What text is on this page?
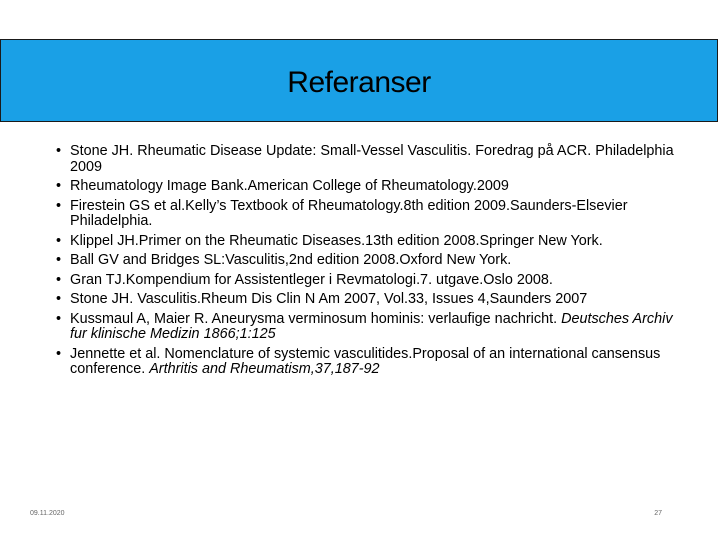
Referanser
• Stone JH. Rheumatic Disease Update: Small-Vessel Vasculitis. Foredrag på ACR. Philadelphia 2009
• Rheumatology Image Bank.American College of Rheumatology.2009
• Firestein GS et al.Kelly’s Textbook of Rheumatology.8th edition 2009.Saunders-Elsevier Philadelphia.
• Klippel JH.Primer on the Rheumatic Diseases.13th edition 2008.Springer New York.
• Ball GV and Bridges SL:Vasculitis,2nd edition 2008.Oxford New York.
• Gran TJ.Kompendium for Assistentleger i Revmatologi.7. utgave.Oslo 2008.
• Stone JH. Vasculitis.Rheum Dis Clin N Am 2007, Vol.33, Issues 4,Saunders 2007
• Kussmaul A, Maier R. Aneurysma verminosum hominis: verlaufige nachricht. Deutsches Archiv fur klinische Medizin 1866;1:125
• Jennette et al. Nomenclature of systemic vasculitides.Proposal of an international cansensus conference. Arthritis and Rheumatism,37,187-92
09.11.2020	27
